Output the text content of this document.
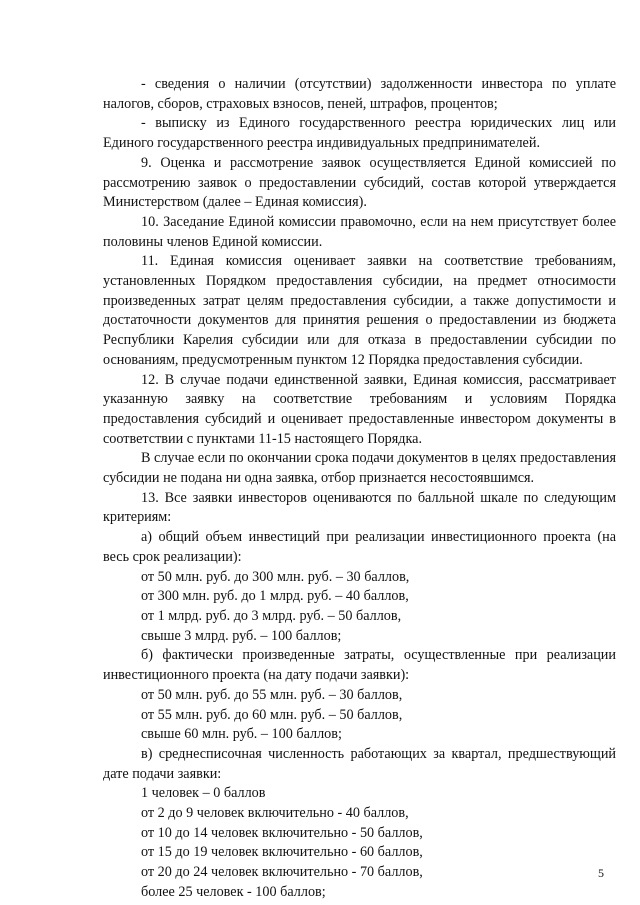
- сведения о наличии (отсутствии) задолженности инвестора по уплате налогов, сборов, страховых взносов, пеней, штрафов, процентов;

- выписку из Единого государственного реестра юридических лиц или Единого государственного реестра индивидуальных предпринимателей.

9. Оценка и рассмотрение заявок осуществляется Единой комиссией по рассмотрению заявок о предоставлении субсидий, состав которой утверждается Министерством (далее – Единая комиссия).

10. Заседание Единой комиссии правомочно, если на нем присутствует более половины членов Единой комиссии.

11. Единая комиссия оценивает заявки на соответствие требованиям, установленных Порядком предоставления субсидии, на предмет относимости произведенных затрат целям предоставления субсидии, а также допустимости и достаточности документов для принятия решения о предоставлении из бюджета Республики Карелия субсидии или для отказа в предоставлении субсидии по основаниям, предусмотренным пунктом 12 Порядка предоставления субсидии.

12. В случае подачи единственной заявки, Единая комиссия, рассматривает указанную заявку на соответствие требованиям и условиям Порядка предоставления субсидий и оценивает предоставленные инвестором документы в соответствии с пунктами 11-15 настоящего Порядка.

В случае если по окончании срока подачи документов в целях предоставления субсидии не подана ни одна заявка, отбор признается несостоявшимся.

13. Все заявки инвесторов оцениваются по балльной шкале по следующим критериям:

а) общий объем инвестиций при реализации инвестиционного проекта (на весь срок реализации):

от 50 млн. руб. до 300 млн. руб. – 30 баллов,

от 300 млн. руб. до 1 млрд. руб. – 40 баллов,

от 1 млрд. руб. до 3 млрд. руб. – 50 баллов,

свыше 3 млрд. руб. – 100 баллов;

б) фактически произведенные затраты, осуществленные при реализации инвестиционного проекта (на дату подачи заявки):

от 50 млн. руб. до 55 млн. руб. – 30 баллов,

от 55 млн. руб. до 60 млн. руб. – 50 баллов,

свыше 60 млн. руб. – 100 баллов;

в) среднесписочная численность работающих за квартал, предшествующий дате подачи заявки:

1 человек – 0 баллов

от 2 до 9 человек включительно - 40 баллов,

от 10 до 14 человек включительно - 50 баллов,

от 15 до 19 человек включительно - 60 баллов,

от 20 до 24 человек включительно - 70 баллов,

более 25 человек - 100 баллов;

5
